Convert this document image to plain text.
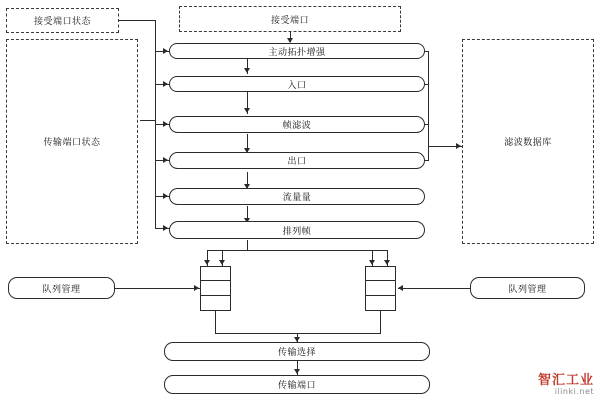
接受端口状态
传输端口状态
接受端口
滤波数据库
主动拓扑增强
入口
帧滤波
出口
流量量
排列帧
队列管理	队列管理
传输选择
传输端口	智汇工业
ilinki.net
